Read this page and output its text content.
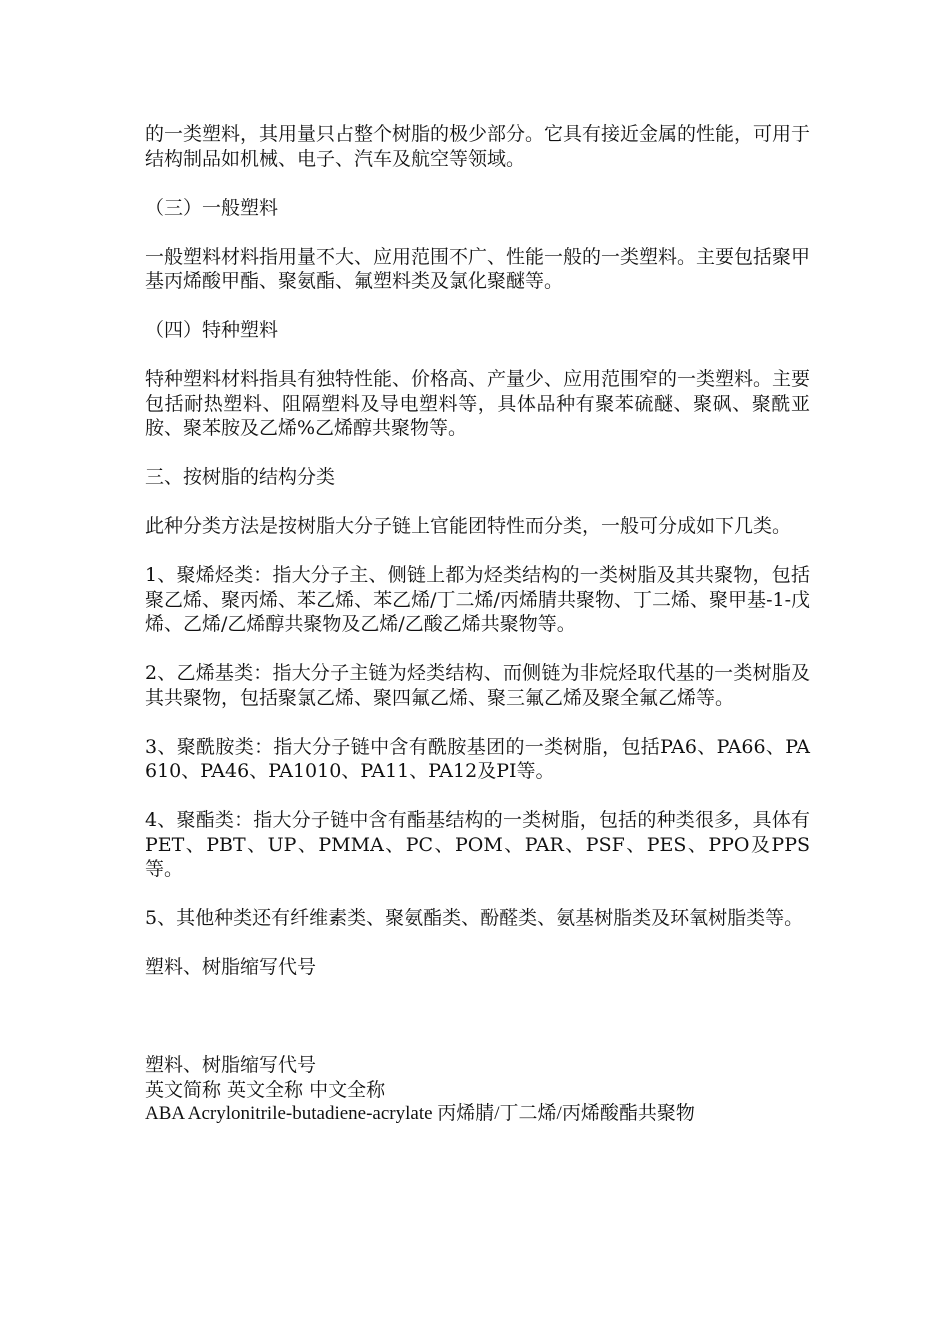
的一类塑料，其用量只占整个树脂的极少部分。它具有接近金属的性能，可用于结构制品如机械、电子、汽车及航空等领域。

（三）一般塑料

一般塑料材料指用量不大、应用范围不广、性能一般的一类塑料。主要包括聚甲基丙烯酸甲酯、聚氨酯、氟塑料类及氯化聚醚等。

（四）特种塑料

特种塑料材料指具有独特性能、价格高、产量少、应用范围窄的一类塑料。主要包括耐热塑料、阻隔塑料及导电塑料等，具体品种有聚苯硫醚、聚砜、聚酰亚胺、聚苯胺及乙烯%乙烯醇共聚物等。

三、按树脂的结构分类

此种分类方法是按树脂大分子链上官能团特性而分类，一般可分成如下几类。

1、聚烯烃类：指大分子主、侧链上都为烃类结构的一类树脂及其共聚物，包括聚乙烯、聚丙烯、苯乙烯、苯乙烯/丁二烯/丙烯腈共聚物、丁二烯、聚甲基-1-戊烯、乙烯/乙烯醇共聚物及乙烯/乙酸乙烯共聚物等。

2、乙烯基类：指大分子主链为烃类结构、而侧链为非烷烃取代基的一类树脂及其共聚物，包括聚氯乙烯、聚四氟乙烯、聚三氟乙烯及聚全氟乙烯等。

3、聚酰胺类：指大分子链中含有酰胺基团的一类树脂，包括PA6、PA66、PA610、PA46、PA1010、PA11、PA12及PI等。

4、聚酯类：指大分子链中含有酯基结构的一类树脂，包括的种类很多，具体有PET、PBT、UP、PMMA、PC、POM、PAR、PSF、PES、PPO及PPS等。

5、其他种类还有纤维素类、聚氨酯类、酚醛类、氨基树脂类及环氧树脂类等。

塑料、树脂缩写代号

塑料、树脂缩写代号

英文简称 英文全称 中文全称

ABA Acrylonitrile-butadiene-acrylate 丙烯腈/丁二烯/丙烯酸酯共聚物
